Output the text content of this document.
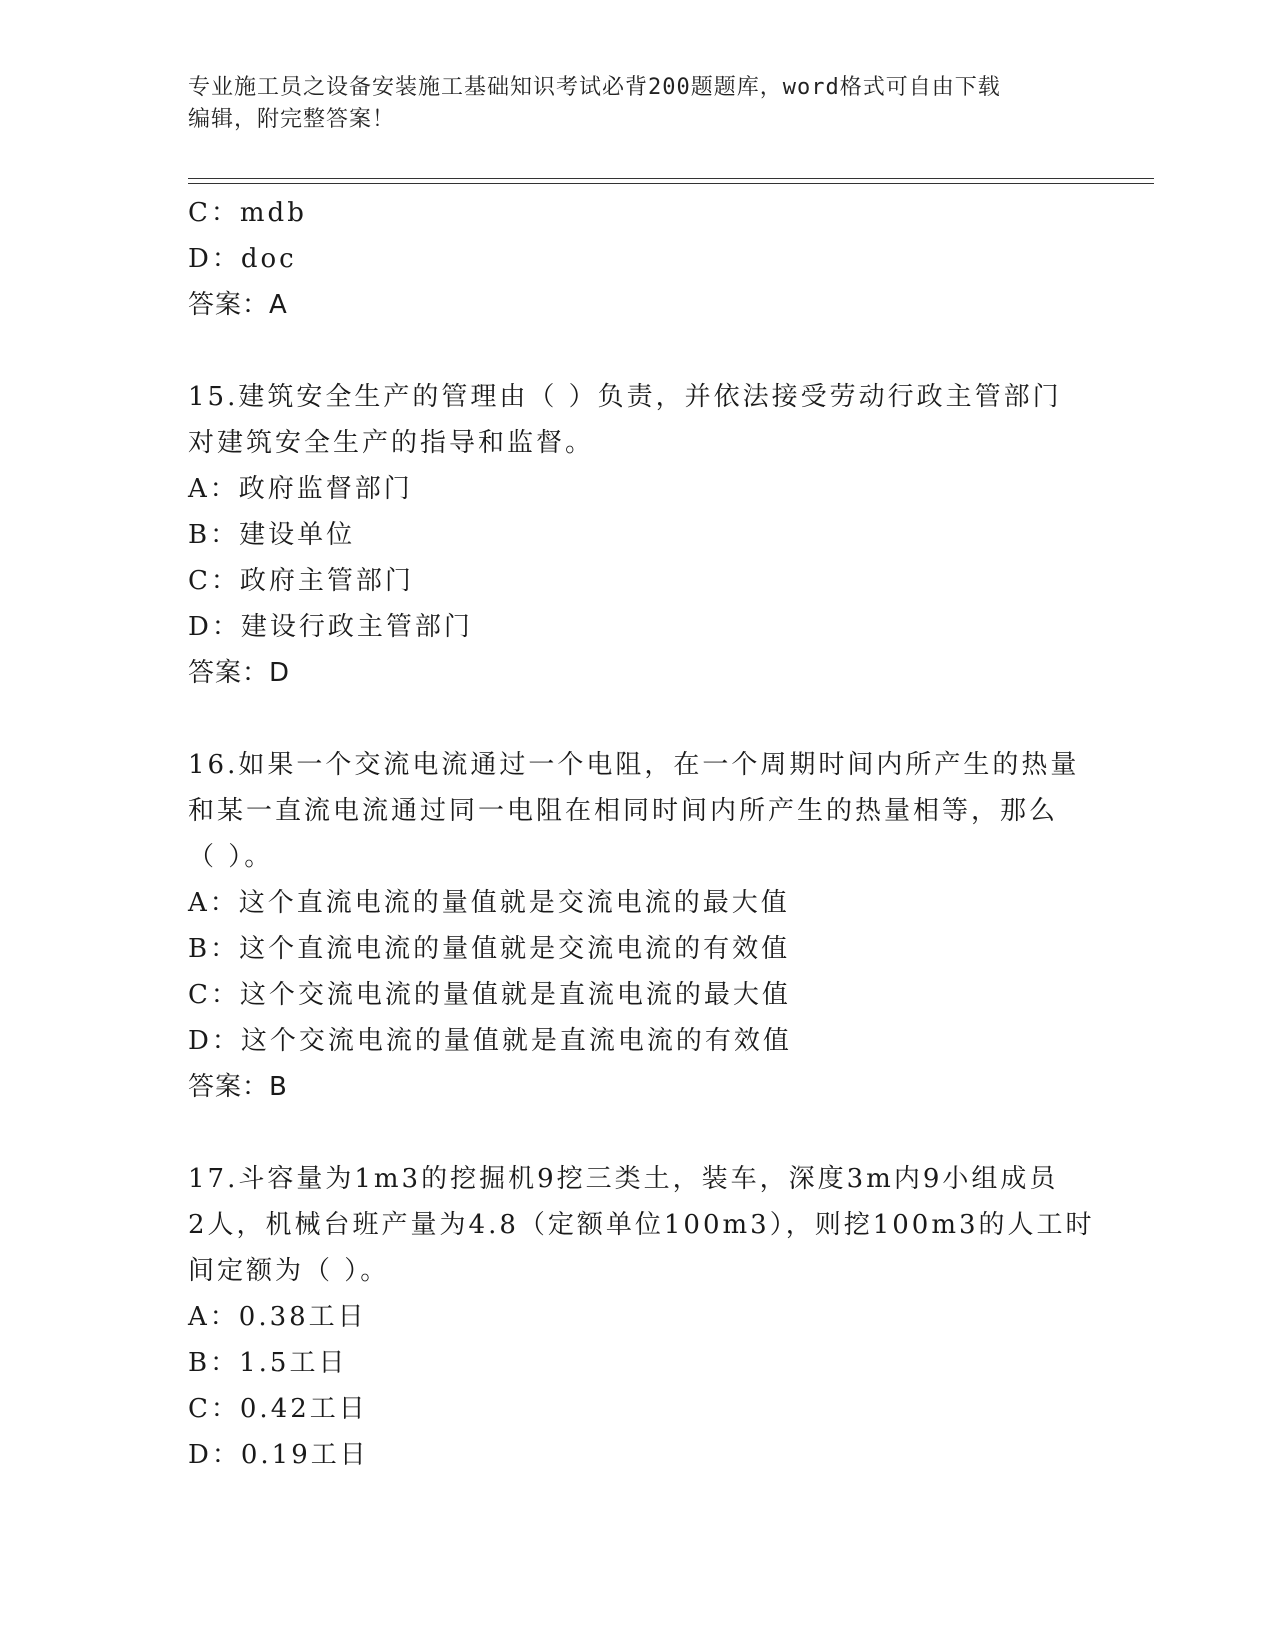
专业施工员之设备安装施工基础知识考试必背200题题库，word格式可自由下载
编辑，附完整答案！
C：mdb
D：doc
答案：A
15.建筑安全生产的管理由（ ）负责，并依法接受劳动行政主管部门
对建筑安全生产的指导和监督。
A：政府监督部门
B：建设单位
C：政府主管部门
D：建设行政主管部门
答案：D
16.如果一个交流电流通过一个电阻，在一个周期时间内所产生的热量
和某一直流电流通过同一电阻在相同时间内所产生的热量相等，那么
（ ）。
A：这个直流电流的量值就是交流电流的最大值
B：这个直流电流的量值就是交流电流的有效值
C：这个交流电流的量值就是直流电流的最大值
D：这个交流电流的量值就是直流电流的有效值
答案：B
17.斗容量为1m3的挖掘机9挖三类土，装车，深度3m内9小组成员
2人，机械台班产量为4.8（定额单位100m3），则挖100m3的人工时
间定额为（ ）。
A：0.38工日
B：1.5工日
C：0.42工日
D：0.19工日
